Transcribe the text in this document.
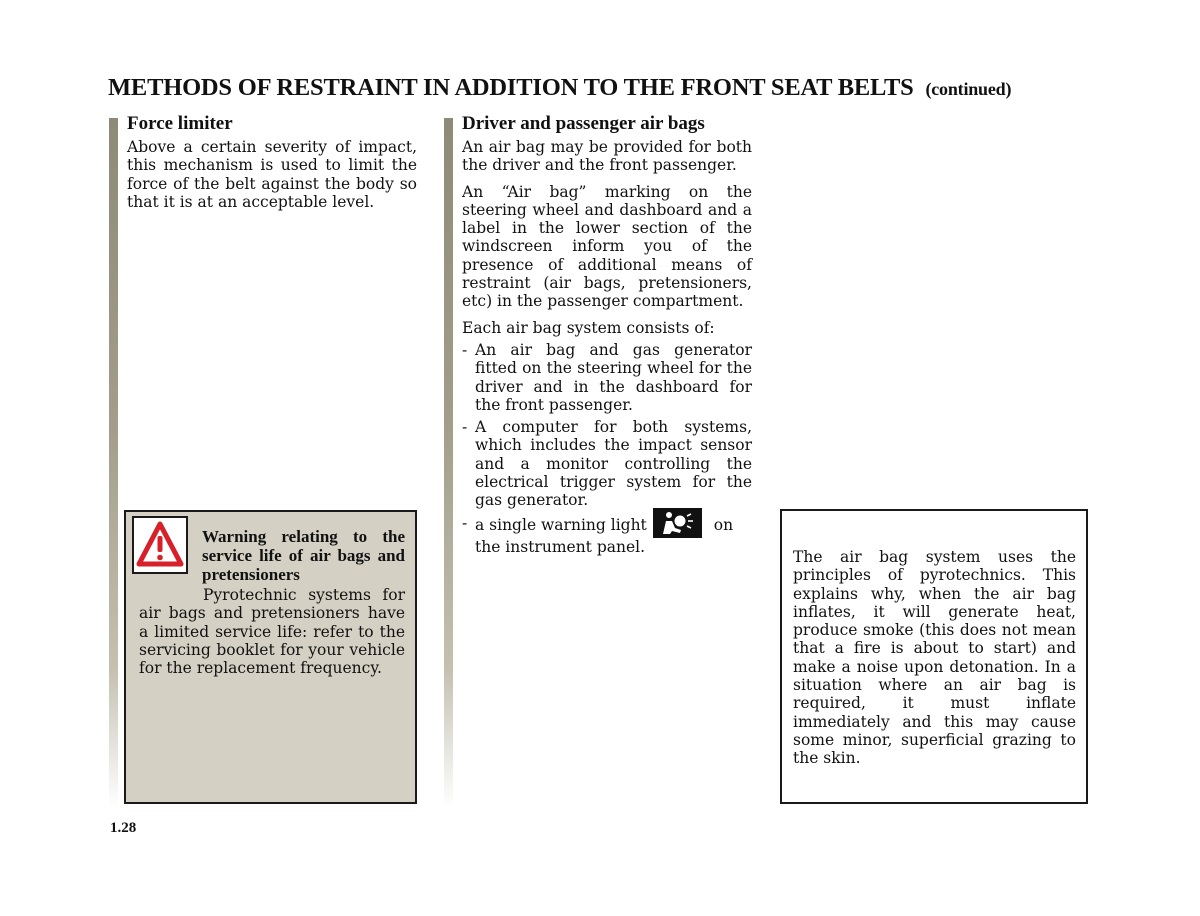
METHODS OF RESTRAINT IN ADDITION TO THE FRONT SEAT BELTS (continued)
Force limiter

Above a certain severity of impact, this mechanism is used to limit the force of the belt against the body so that it is at an acceptable level.

Warning relating to the service life of air bags and pretensioners
Pyrotechnic systems for air bags and pretensioners have a limited service life: refer to the servicing booklet for your vehicle for the replacement frequency.
Driver and passenger air bags

An air bag may be provided for both the driver and the front passenger.

An “Air bag” marking on the steering wheel and dashboard and a label in the lower section of the windscreen inform you of the presence of additional means of restraint (air bags, pretensioners, etc) in the passenger compartment.

Each air bag system consists of:

- An air bag and gas generator fitted on the steering wheel for the driver and in the dashboard for the front passenger.
- A computer for both systems, which includes the impact sensor and a monitor controlling the electrical trigger system for the gas generator.
- a single warning light	on the instrument panel.
The air bag system uses the principles of pyrotechnics. This explains why, when the air bag inflates, it will generate heat, produce smoke (this does not mean that a fire is about to start) and make a noise upon detonation. In a situation where an air bag is required, it must inflate immediately and this may cause some minor, superficial grazing to the skin.
1.28
